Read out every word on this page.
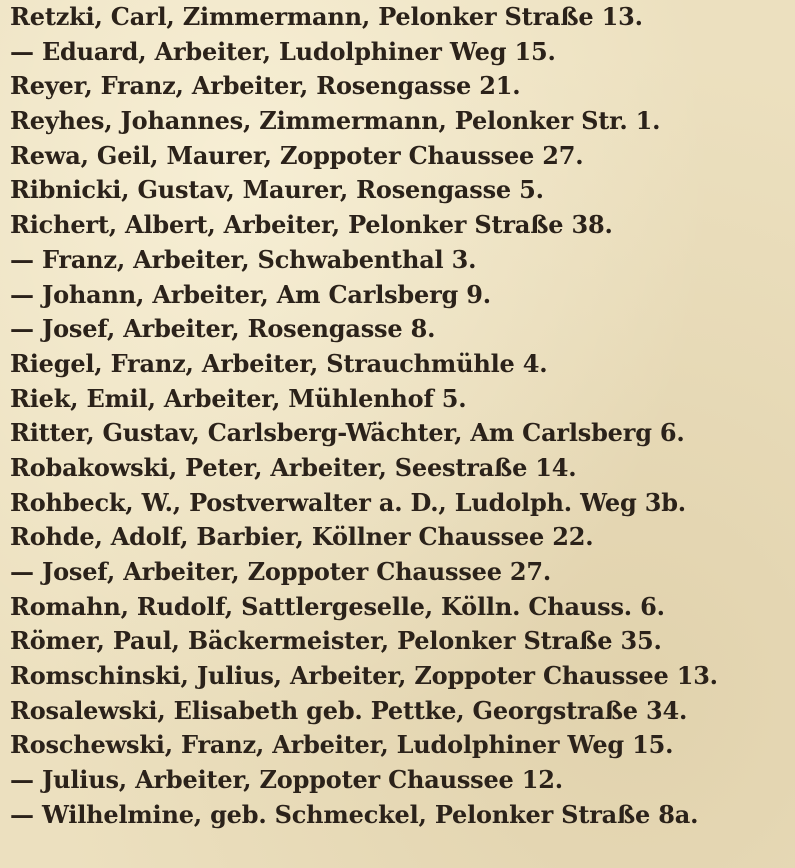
Retzki, Carl, Zimmermann, Pelonker Straße 13.
— Eduard, Arbeiter, Ludolphiner Weg 15.
Reyer, Franz, Arbeiter, Rosengasse 21.
Reyhes, Johannes, Zimmermann, Pelonker Str. 1.
Rewa, Geil, Maurer, Zoppoter Chaussee 27.
Ribnicki, Gustav, Maurer, Rosengasse 5.
Richert, Albert, Arbeiter, Pelonker Straße 38.
— Franz, Arbeiter, Schwabenthal 3.
— Johann, Arbeiter, Am Carlsberg 9.
— Josef, Arbeiter, Rosengasse 8.
Riegel, Franz, Arbeiter, Strauchmühle 4.
Riek, Emil, Arbeiter, Mühlenhof 5.
Ritter, Gustav, Carlsberg-Wächter, Am Carlsberg 6.
Robakowski, Peter, Arbeiter, Seestraße 14.
Rohbeck, W., Postverwalter a. D., Ludolph. Weg 3b.
Rohde, Adolf, Barbier, Köllner Chaussee 22.
— Josef, Arbeiter, Zoppoter Chaussee 27.
Romahn, Rudolf, Sattlergeselle, Kölln. Chauss. 6.
Römer, Paul, Bäckermeister, Pelonker Straße 35.
Romschinski, Julius, Arbeiter, Zoppoter Chaussee 13.
Rosalewski, Elisabeth geb. Pettke, Georgstraße 34.
Roschewski, Franz, Arbeiter, Ludolphiner Weg 15.
— Julius, Arbeiter, Zoppoter Chaussee 12.
— Wilhelmine, geb. Schmeckel, Pelonker Straße 8a.
